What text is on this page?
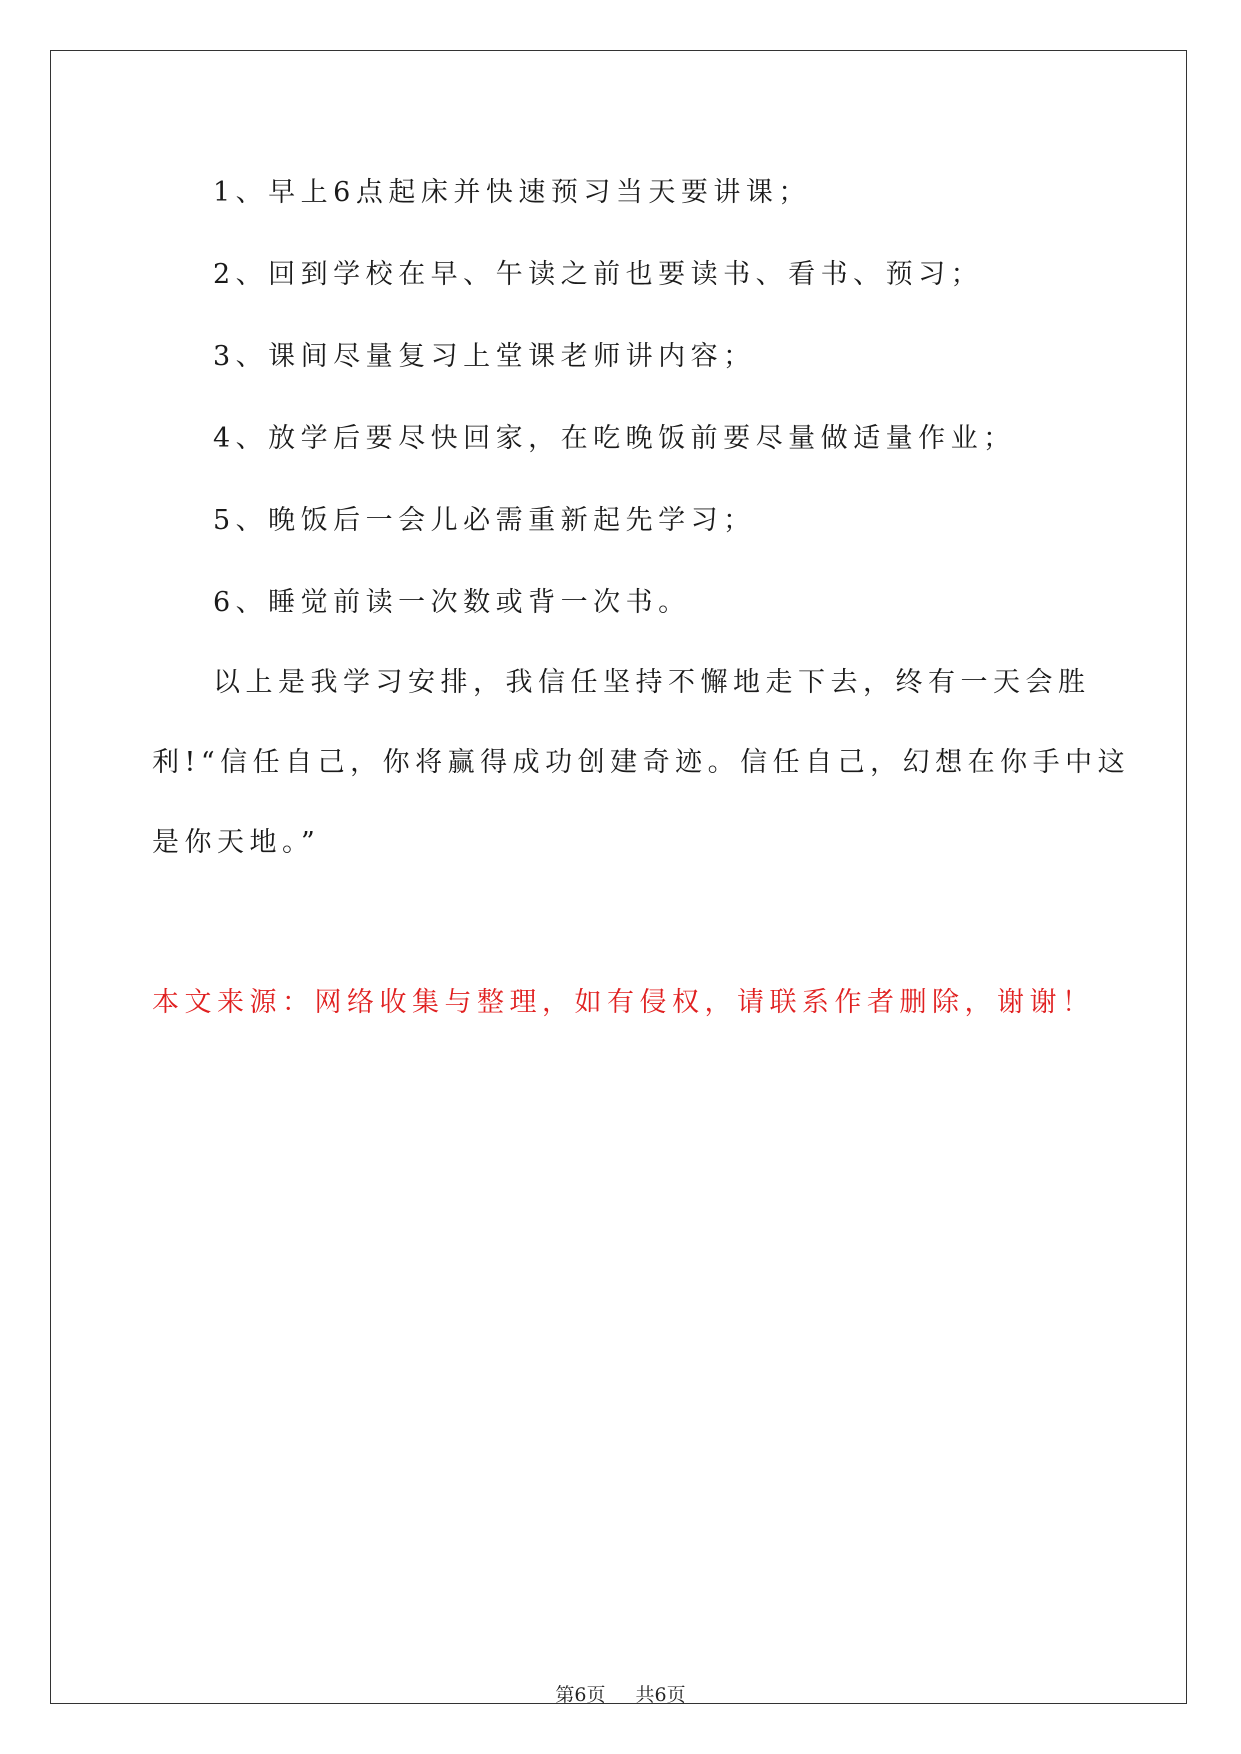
1、早上6点起床并快速预习当天要讲课；
2、回到学校在早、午读之前也要读书、看书、预习；
3、课间尽量复习上堂课老师讲内容；
4、放学后要尽快回家，在吃晚饭前要尽量做适量作业；
5、晚饭后一会儿必需重新起先学习；
6、睡觉前读一次数或背一次书。
以上是我学习安排，我信任坚持不懈地走下去，终有一天会胜
利!“信任自己，你将赢得成功创建奇迹。信任自己，幻想在你手中这
是你天地。”
本文来源：网络收集与整理，如有侵权，请联系作者删除，谢谢！
第6页 共6页
